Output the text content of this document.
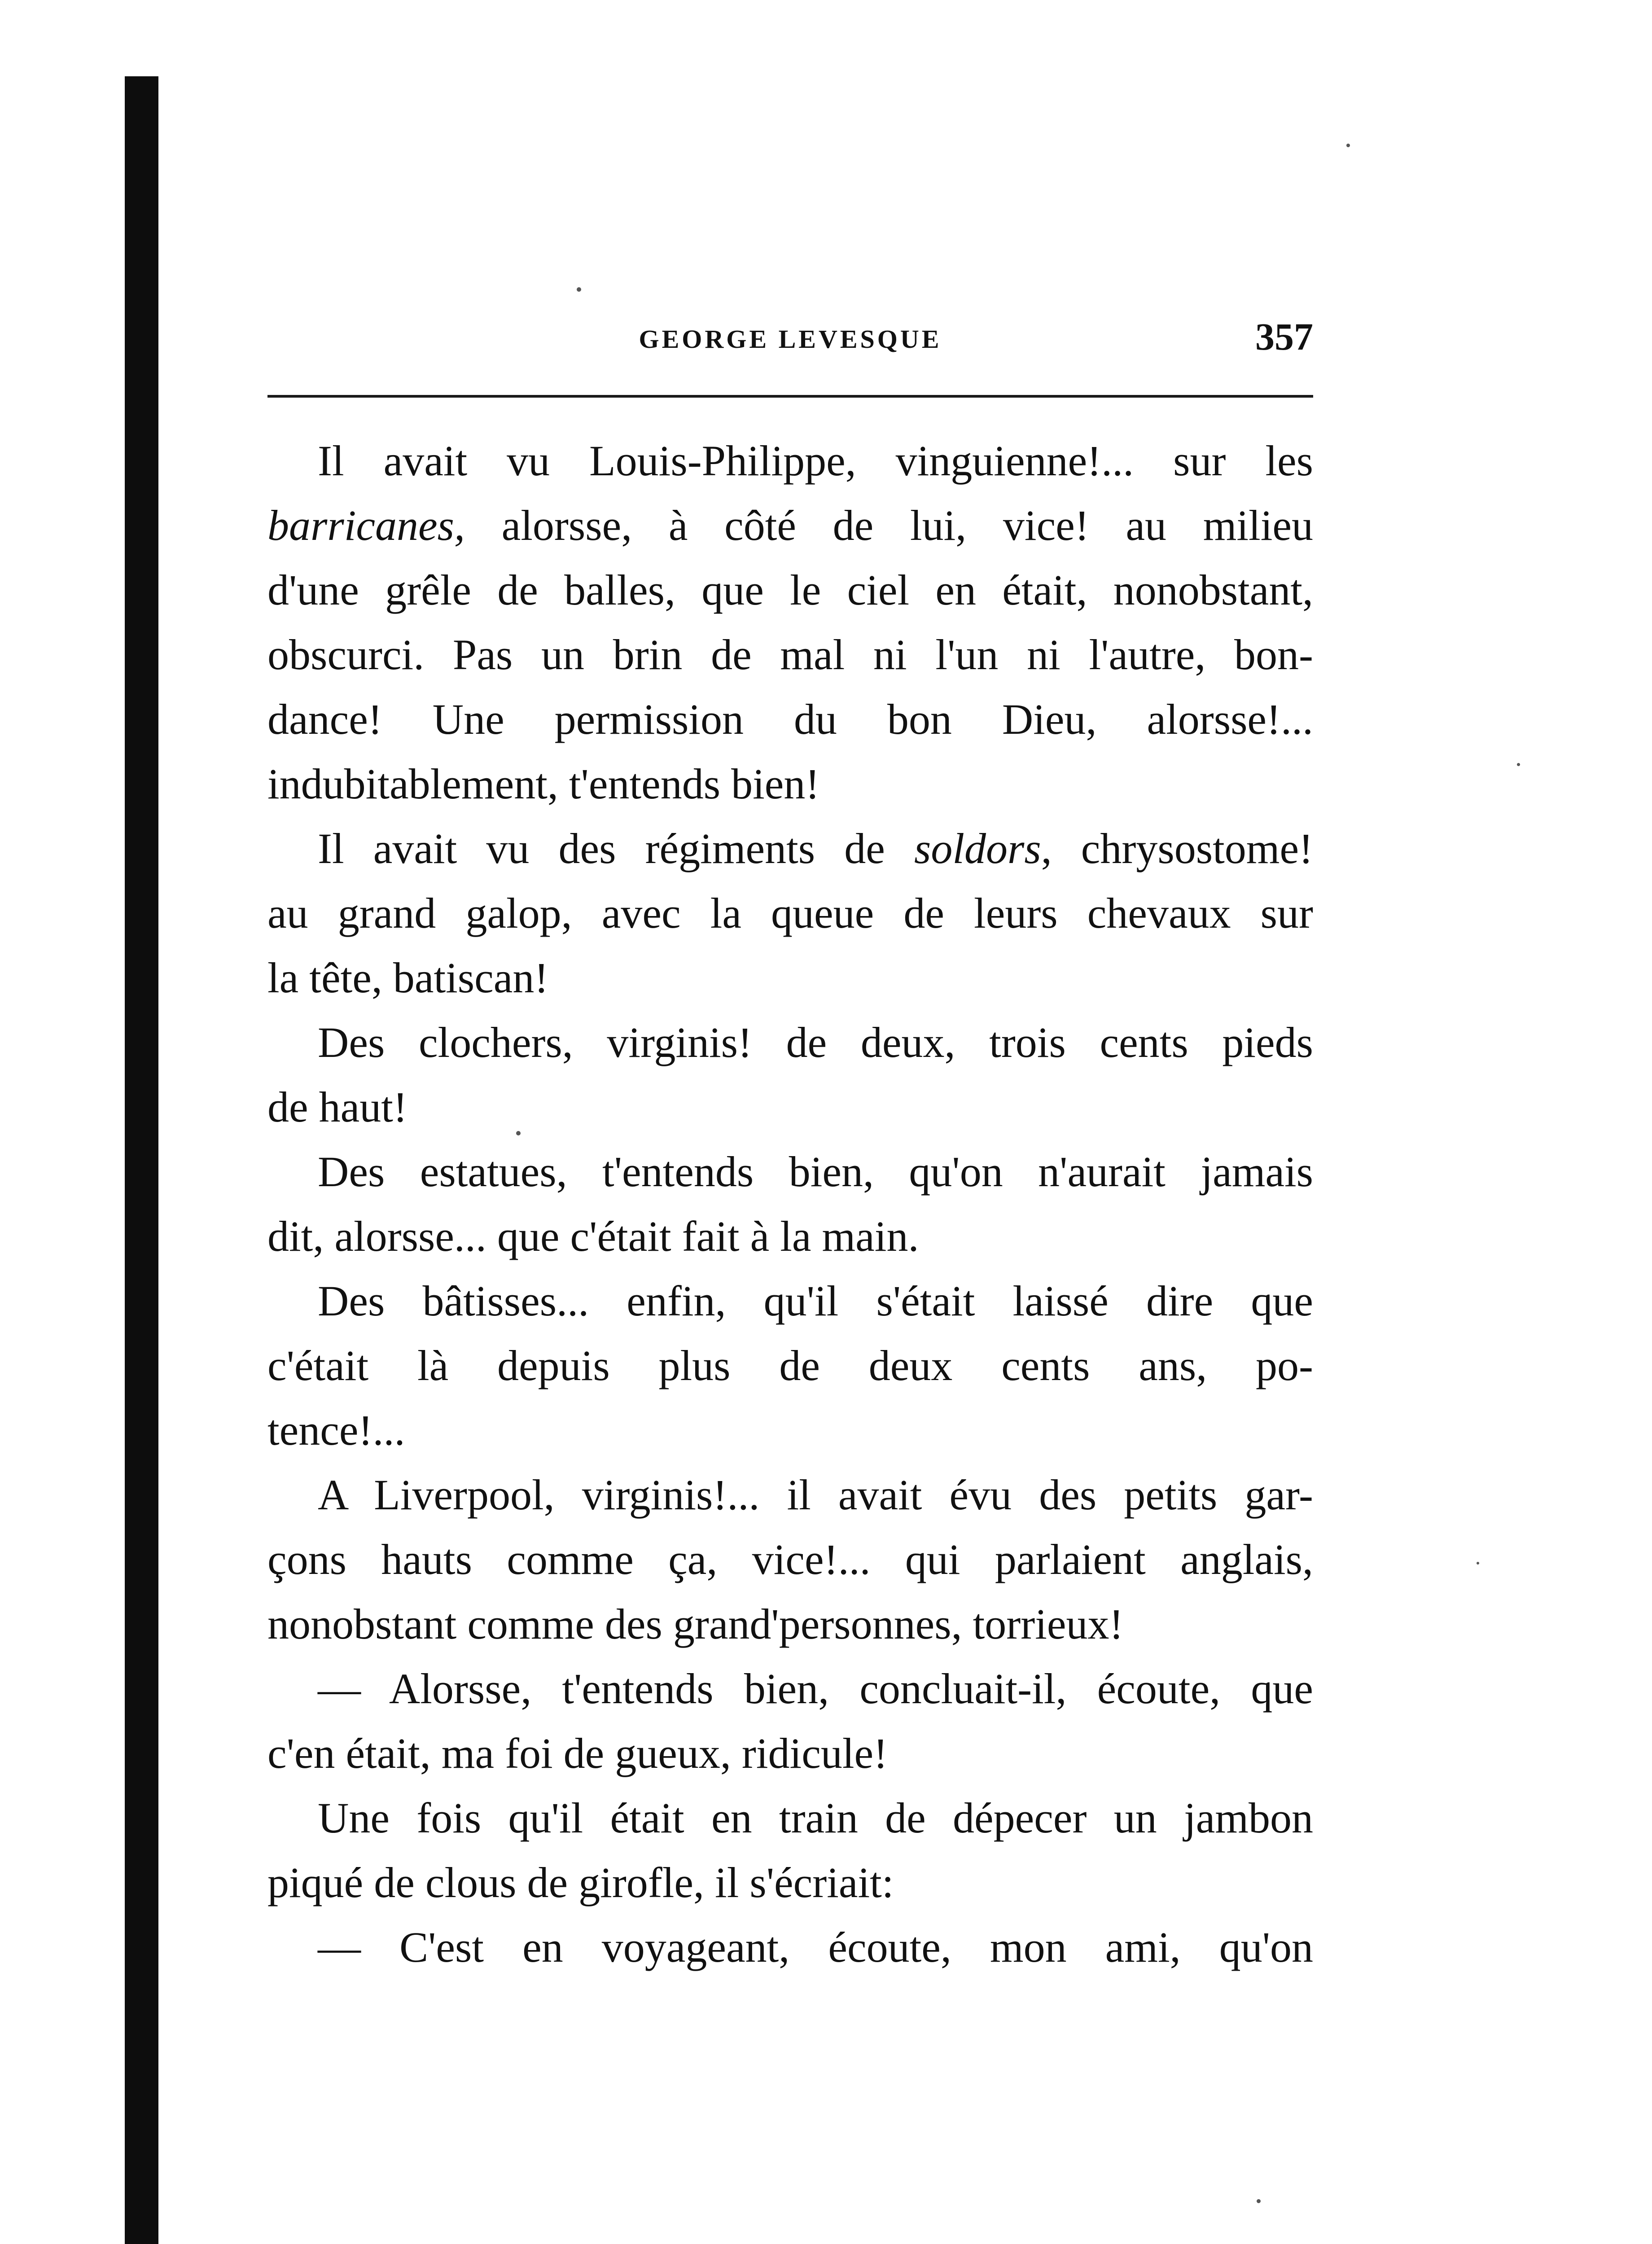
GEORGE LEVESQUE	357
Il avait vu Louis-Philippe, vinguienne!... sur les
barricanes, alorsse, à côté de lui, vice! au milieu
d'une grêle de balles, que le ciel en était, nonobstant,
obscurci. Pas un brin de mal ni l'un ni l'autre, bon-
dance! Une permission du bon Dieu, alorsse!...
indubitablement, t'entends bien!
Il avait vu des régiments de soldors, chrysostome!
au grand galop, avec la queue de leurs chevaux sur
la tête, batiscan!
Des clochers, virginis! de deux, trois cents pieds
de haut!
Des estatues, t'entends bien, qu'on n'aurait jamais
dit, alorsse... que c'était fait à la main.
Des bâtisses... enfin, qu'il s'était laissé dire que
c'était là depuis plus de deux cents ans, po-
tence!...
A Liverpool, virginis!... il avait évu des petits gar-
çons hauts comme ça, vice!... qui parlaient anglais,
nonobstant comme des grand'personnes, torrieux!
— Alorsse, t'entends bien, concluait-il, écoute, que
c'en était, ma foi de gueux, ridicule!
Une fois qu'il était en train de dépecer un jambon
piqué de clous de girofle, il s'écriait:
— C'est en voyageant, écoute, mon ami, qu'on
